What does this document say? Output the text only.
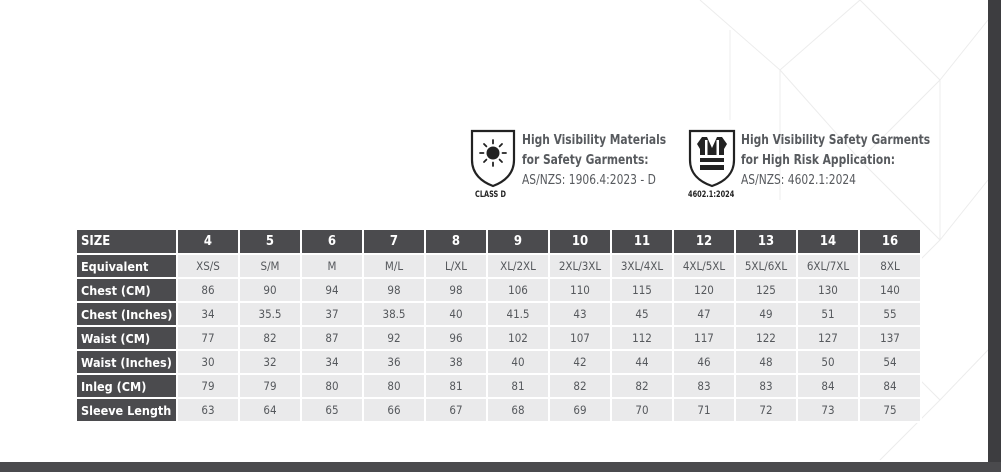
CLASS D
High Visibility Materials
for Safety Garments:
AS/NZS: 1906.4:2023 - D
4602.1:2024
High Visibility Safety Garments
for High Risk Application:
AS/NZS: 4602.1:2024
SIZE	4	5	6	7	8	9	10	11	12	13	14	16
Equivalent	XS/S	S/M	M	M/L	L/XL	XL/2XL	2XL/3XL	3XL/4XL	4XL/5XL	5XL/6XL	6XL/7XL	8XL
Chest (CM)	86	90	94	98	98	106	110	115	120	125	130	140
Chest (Inches)	34	35.5	37	38.5	40	41.5	43	45	47	49	51	55
Waist (CM)	77	82	87	92	96	102	107	112	117	122	127	137
Waist (Inches)	30	32	34	36	38	40	42	44	46	48	50	54
Inleg (CM)	79	79	80	80	81	81	82	82	83	83	84	84
Sleeve Length	63	64	65	66	67	68	69	70	71	72	73	75
